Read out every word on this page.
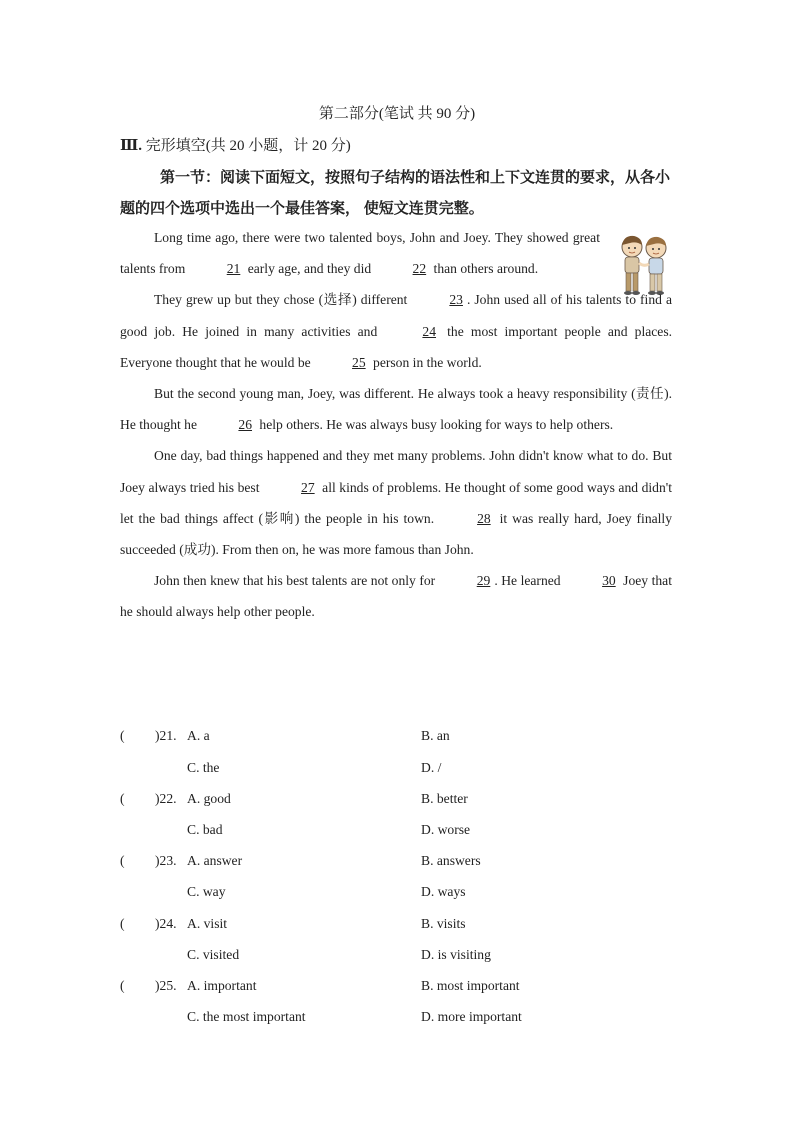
第二部分(笔试 共 90 分)
Ⅲ. 完形填空(共 20 小题，计 20 分)
第一节：阅读下面短文，按照句子结构的语法性和上下文连贯的要求，从各小题的四个选项中选出一个最佳答案， 使短文连贯完整。

Long time ago, there were two talented boys, John and Joey. They showed great talents from	21 early age, and they did	22 than others around.

They grew up but they chose (选择) different	23 . John used all of his talents to find a good job. He joined in many activities and	24 the most important people and places. Everyone thought that he would be	25 person in the world.

But the second young man, Joey, was different. He always took a heavy responsibility (责任). He thought he	26 help others. He was always busy looking for ways to help others.

One day, bad things happened and they met many problems. John didn't know what to do. But Joey always tried his best	27 all kinds of problems. He thought of some good ways and didn't let the bad things affect (影响) the people in his town.	28 it was really hard, Joey finally succeeded (成功). From then on, he was more famous than John.

John then knew that his best talents are not only for	29 . He learned	30 Joey that he should always help other people.

( )21. A. a	B. an
C. the	D. /
( )22. A. good	B. better
C. bad	D. worse
( )23. A. answer	B. answers
C. way	D. ways
( )24. A. visit	B. visits
C. visited	D. is visiting
( )25. A. important	B. most important
C. the most important	D. more important
